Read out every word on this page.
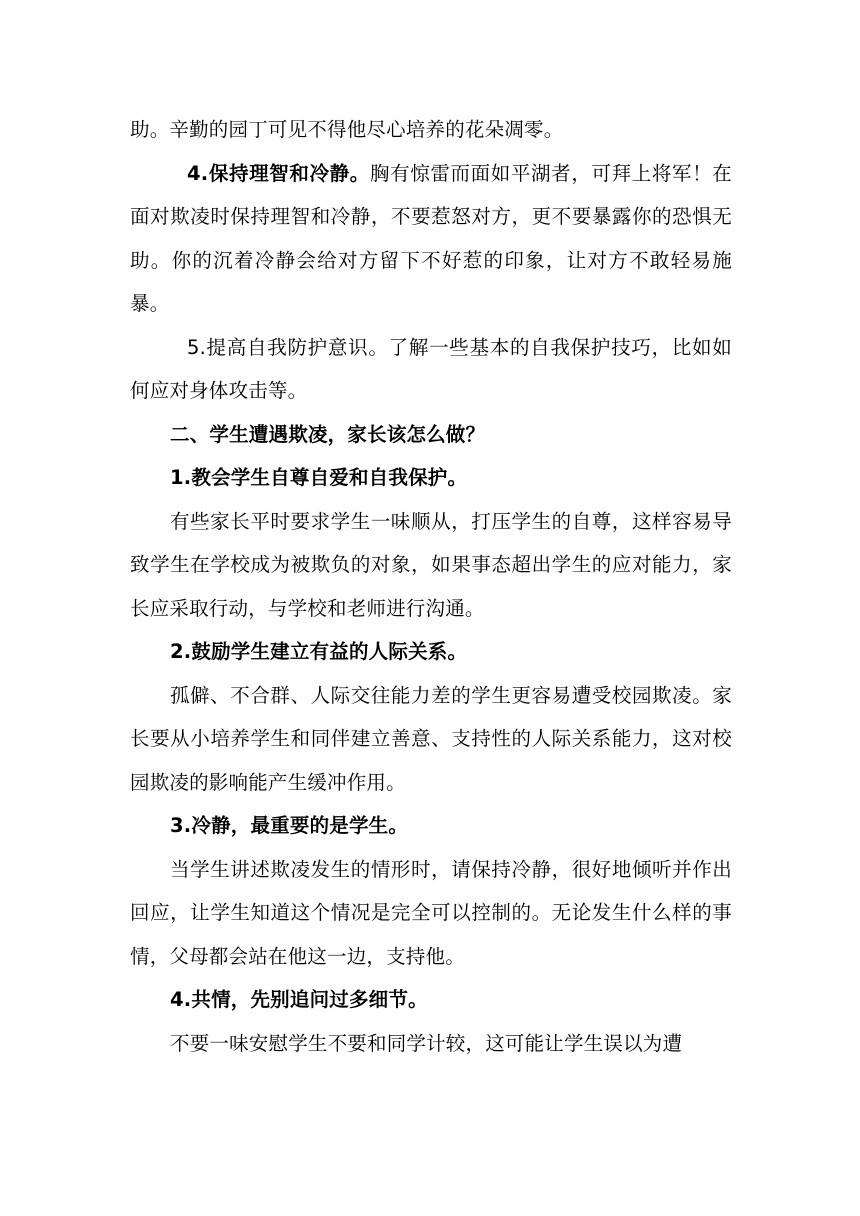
助。辛勤的园丁可见不得他尽心培养的花朵凋零。

4.保持理智和冷静。胸有惊雷而面如平湖者，可拜上将军！在面对欺凌时保持理智和冷静，不要惹怒对方，更不要暴露你的恐惧无助。你的沉着冷静会给对方留下不好惹的印象，让对方不敢轻易施暴。

5.提高自我防护意识。了解一些基本的自我保护技巧，比如如何应对身体攻击等。

二、学生遭遇欺凌，家长该怎么做？

1.教会学生自尊自爱和自我保护。

有些家长平时要求学生一味顺从，打压学生的自尊，这样容易导致学生在学校成为被欺负的对象，如果事态超出学生的应对能力，家长应采取行动，与学校和老师进行沟通。

2.鼓励学生建立有益的人际关系。

孤僻、不合群、人际交往能力差的学生更容易遭受校园欺凌。家长要从小培养学生和同伴建立善意、支持性的人际关系能力，这对校园欺凌的影响能产生缓冲作用。

3.冷静，最重要的是学生。

当学生讲述欺凌发生的情形时，请保持冷静，很好地倾听并作出回应，让学生知道这个情况是完全可以控制的。无论发生什么样的事情，父母都会站在他这一边，支持他。

4.共情，先别追问过多细节。

不要一味安慰学生不要和同学计较，这可能让学生误以为遭
